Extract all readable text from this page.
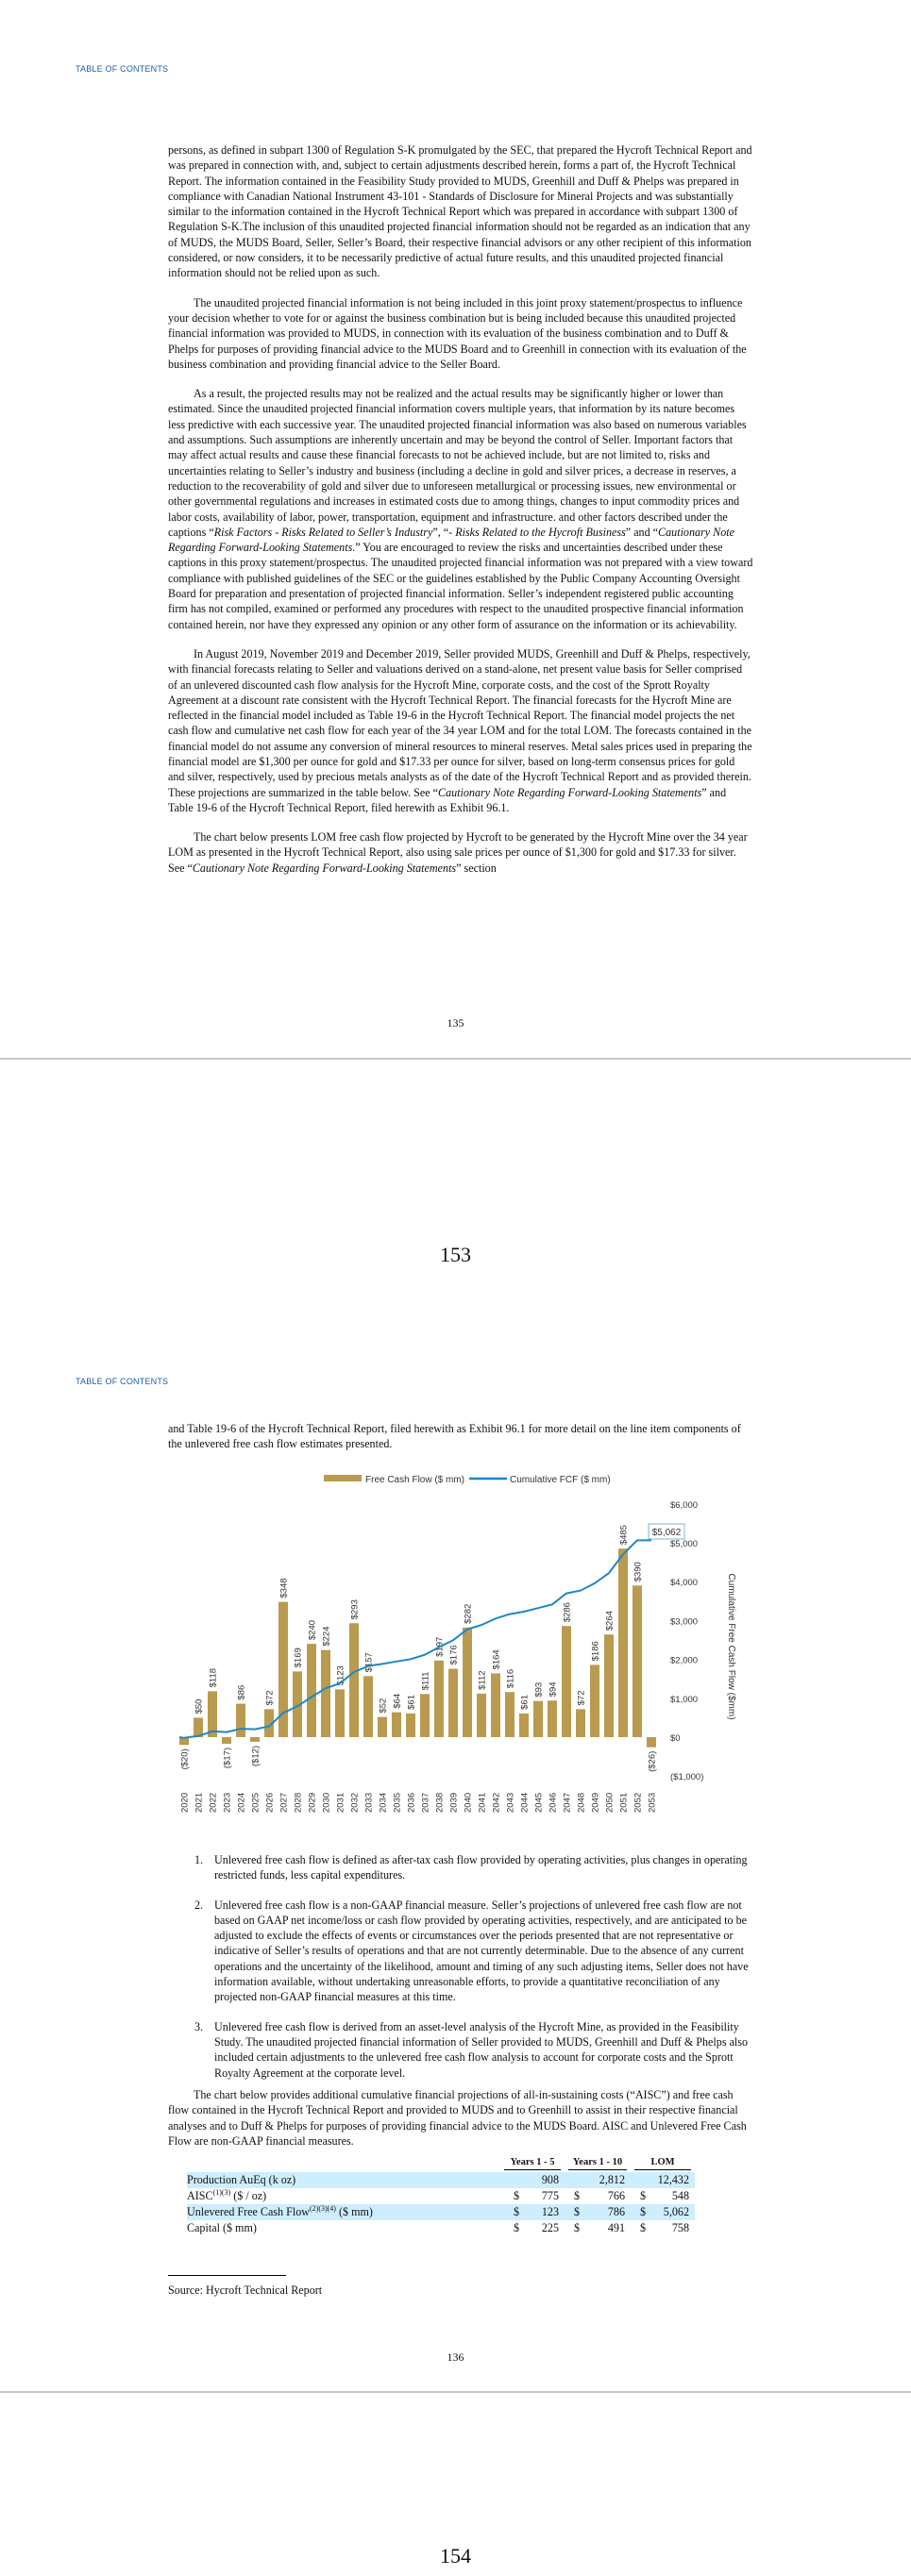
TABLE OF CONTENTS

persons, as defined in subpart 1300 of Regulation S-K promulgated by the SEC, that prepared the Hycroft Technical Report and was prepared in connection with, and, subject to certain adjustments described herein, forms a part of, the Hycroft Technical Report. The information contained in the Feasibility Study provided to MUDS, Greenhill and Duff & Phelps was prepared in compliance with Canadian National Instrument 43-101 - Standards of Disclosure for Mineral Projects and was substantially similar to the information contained in the Hycroft Technical Report which was prepared in accordance with subpart 1300 of Regulation S-K.The inclusion of this unaudited projected financial information should not be regarded as an indication that any of MUDS, the MUDS Board, Seller, Seller’s Board, their respective financial advisors or any other recipient of this information considered, or now considers, it to be necessarily predictive of actual future results, and this unaudited projected financial information should not be relied upon as such.

The unaudited projected financial information is not being included in this joint proxy statement/prospectus to influence your decision whether to vote for or against the business combination but is being included because this unaudited projected financial information was provided to MUDS, in connection with its evaluation of the business combination and to Duff & Phelps for purposes of providing financial advice to the MUDS Board and to Greenhill in connection with its evaluation of the business combination and providing financial advice to the Seller Board.

As a result, the projected results may not be realized and the actual results may be significantly higher or lower than estimated. Since the unaudited projected financial information covers multiple years, that information by its nature becomes less predictive with each successive year. The unaudited projected financial information was also based on numerous variables and assumptions. Such assumptions are inherently uncertain and may be beyond the control of Seller. Important factors that may affect actual results and cause these financial forecasts to not be achieved include, but are not limited to, risks and uncertainties relating to Seller’s industry and business (including a decline in gold and silver prices, a decrease in reserves, a reduction to the recoverability of gold and silver due to unforeseen metallurgical or processing issues, new environmental or other governmental regulations and increases in estimated costs due to among things, changes to input commodity prices and labor costs, availability of labor, power, transportation, equipment and infrastructure. and other factors described under the captions “Risk Factors - Risks Related to Seller’s Industry”, “- Risks Related to the Hycroft Business” and “Cautionary Note Regarding Forward-Looking Statements.” You are encouraged to review the risks and uncertainties described under these captions in this proxy statement/prospectus. The unaudited projected financial information was not prepared with a view toward compliance with published guidelines of the SEC or the guidelines established by the Public Company Accounting Oversight Board for preparation and presentation of projected financial information. Seller’s independent registered public accounting firm has not compiled, examined or performed any procedures with respect to the unaudited prospective financial information contained herein, nor have they expressed any opinion or any other form of assurance on the information or its achievability.

In August 2019, November 2019 and December 2019, Seller provided MUDS, Greenhill and Duff & Phelps, respectively, with financial forecasts relating to Seller and valuations derived on a stand-alone, net present value basis for Seller comprised of an unlevered discounted cash flow analysis for the Hycroft Mine, corporate costs, and the cost of the Sprott Royalty Agreement at a discount rate consistent with the Hycroft Technical Report. The financial forecasts for the Hycroft Mine are reflected in the financial model included as Table 19-6 in the Hycroft Technical Report. The financial model projects the net cash flow and cumulative net cash flow for each year of the 34 year LOM and for the total LOM. The forecasts contained in the financial model do not assume any conversion of mineral resources to mineral reserves. Metal sales prices used in preparing the financial model are $1,300 per ounce for gold and $17.33 per ounce for silver, based on long-term consensus prices for gold and silver, respectively, used by precious metals analysts as of the date of the Hycroft Technical Report and as provided therein. These projections are summarized in the table below. See “Cautionary Note Regarding Forward-Looking Statements” and Table 19-6 of the Hycroft Technical Report, filed herewith as Exhibit 96.1.

The chart below presents LOM free cash flow projected by Hycroft to be generated by the Hycroft Mine over the 34 year LOM as presented in the Hycroft Technical Report, also using sale prices per ounce of $1,300 for gold and $17.33 for silver. See “Cautionary Note Regarding Forward-Looking Statements” section

135
153
TABLE OF CONTENTS

and Table 19-6 of the Hycroft Technical Report, filed herewith as Exhibit 96.1 for more detail on the line item components of the unlevered free cash flow estimates presented.

Free Cash Flow ($ mm)	Cumulative FCF ($ mm)
($20)
$50
$118
($17)
$86
($12)
$72
$348
$169
$240 $224
$123
$293
$157
$52 $64 $61
$111
$197 $176
$282
$112
$164
$116
$61
$93 $94
$286
$72
$186
$264
$485
$390
($26)
2020 2021 2022 2023 2024 2025 2026 2027 2028 2029 2030 2031 2032 2033 2034 2035 2036 2037 2038 2039 2040 2041 2042 2043 2044 2045 2046 2047 2048 2049 2050 2051 2052 2053
$5,062
($1,000)
$0
$1,000
$2,000
$3,000
$4,000
$5,000
$6,000
Cumulative Free Cash Flow ($mm)
1. Unlevered free cash flow is defined as after-tax cash flow provided by operating activities, plus changes in operating restricted funds, less capital expenditures.
2. Unlevered free cash flow is a non-GAAP financial measure. Seller’s projections of unlevered free cash flow are not based on GAAP net income/loss or cash flow provided by operating activities, respectively, and are anticipated to be adjusted to exclude the effects of events or circumstances over the periods presented that are not representative or indicative of Seller’s results of operations and that are not currently determinable. Due to the absence of any current operations and the uncertainty of the likelihood, amount and timing of any such adjusting items, Seller does not have information available, without undertaking unreasonable efforts, to provide a quantitative reconciliation of any projected non-GAAP financial measures at this time.
3. Unlevered free cash flow is derived from an asset-level analysis of the Hycroft Mine, as provided in the Feasibility Study. The unaudited projected financial information of Seller provided to MUDS, Greenhill and Duff & Phelps also included certain adjustments to the unlevered free cash flow analysis to account for corporate costs and the Sprott Royalty Agreement at the corporate level.

The chart below provides additional cumulative financial projections of all-in-sustaining costs (“AISC”) and free cash flow contained in the Hycroft Technical Report and provided to MUDS and to Greenhill to assist in their respective financial analyses and to Duff & Phelps for purposes of providing financial advice to the MUDS Board. AISC and Unlevered Free Cash Flow are non-GAAP financial measures.

	Years 1 - 5		Years 1 - 10		LOM	

Production AuEq (k oz)		908		2,812		12,432
$AISC^{(1)(3)}$ ($ / oz)	$	775	$	766	$	548
Unlevered Free Cash Flow$^{(2)(3)(4)}$ ($ mm)	$	123	$	786	$	5,062
Capital ($ mm)	$	225	$	491	$	758
Source: Hycroft Technical Report
136
154
